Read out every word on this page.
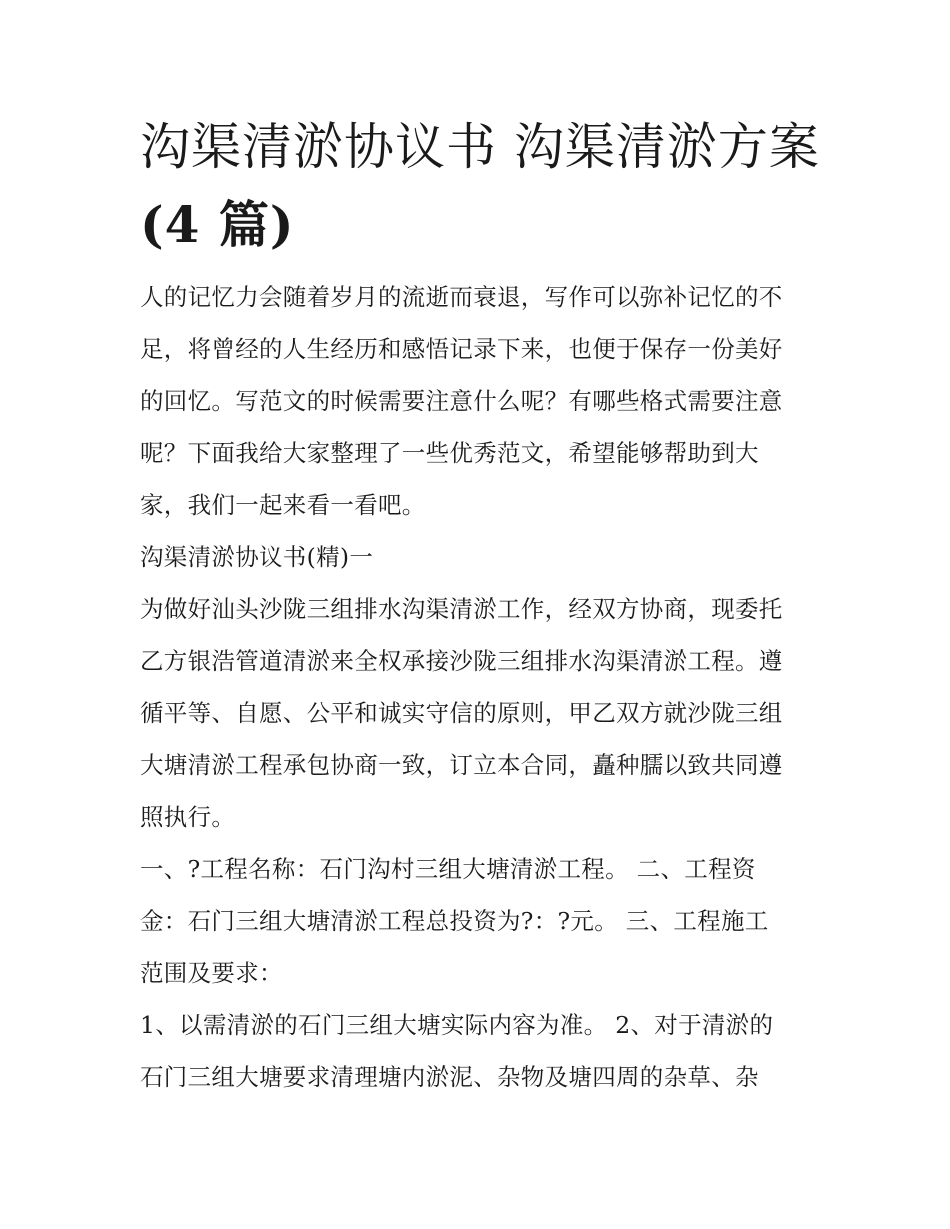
沟渠清淤协议书 沟渠清淤方案
(4 篇)
人的记忆力会随着岁月的流逝而衰退，写作可以弥补记忆的不
足，将曾经的人生经历和感悟记录下来，也便于保存一份美好
的回忆。写范文的时候需要注意什么呢？有哪些格式需要注意
呢？下面我给大家整理了一些优秀范文，希望能够帮助到大
家，我们一起来看一看吧。
沟渠清淤协议书(精)一
为做好汕头沙陇三组排水沟渠清淤工作，经双方协商，现委托
乙方银浩管道清淤来全权承接沙陇三组排水沟渠清淤工程。遵
循平等、自愿、公平和诚实守信的原则，甲乙双方就沙陇三组
大塘清淤工程承包协商一致，订立本合同，矗种臑以致共同遵
照执行。
一、?工程名称：石门沟村三组大塘清淤工程。 二、工程资
金：石门三组大塘清淤工程总投资为?：?元。 三、工程施工
范围及要求：
1、以需清淤的石门三组大塘实际内容为准。 2、对于清淤的
石门三组大塘要求清理塘内淤泥、杂物及塘四周的杂草、杂
